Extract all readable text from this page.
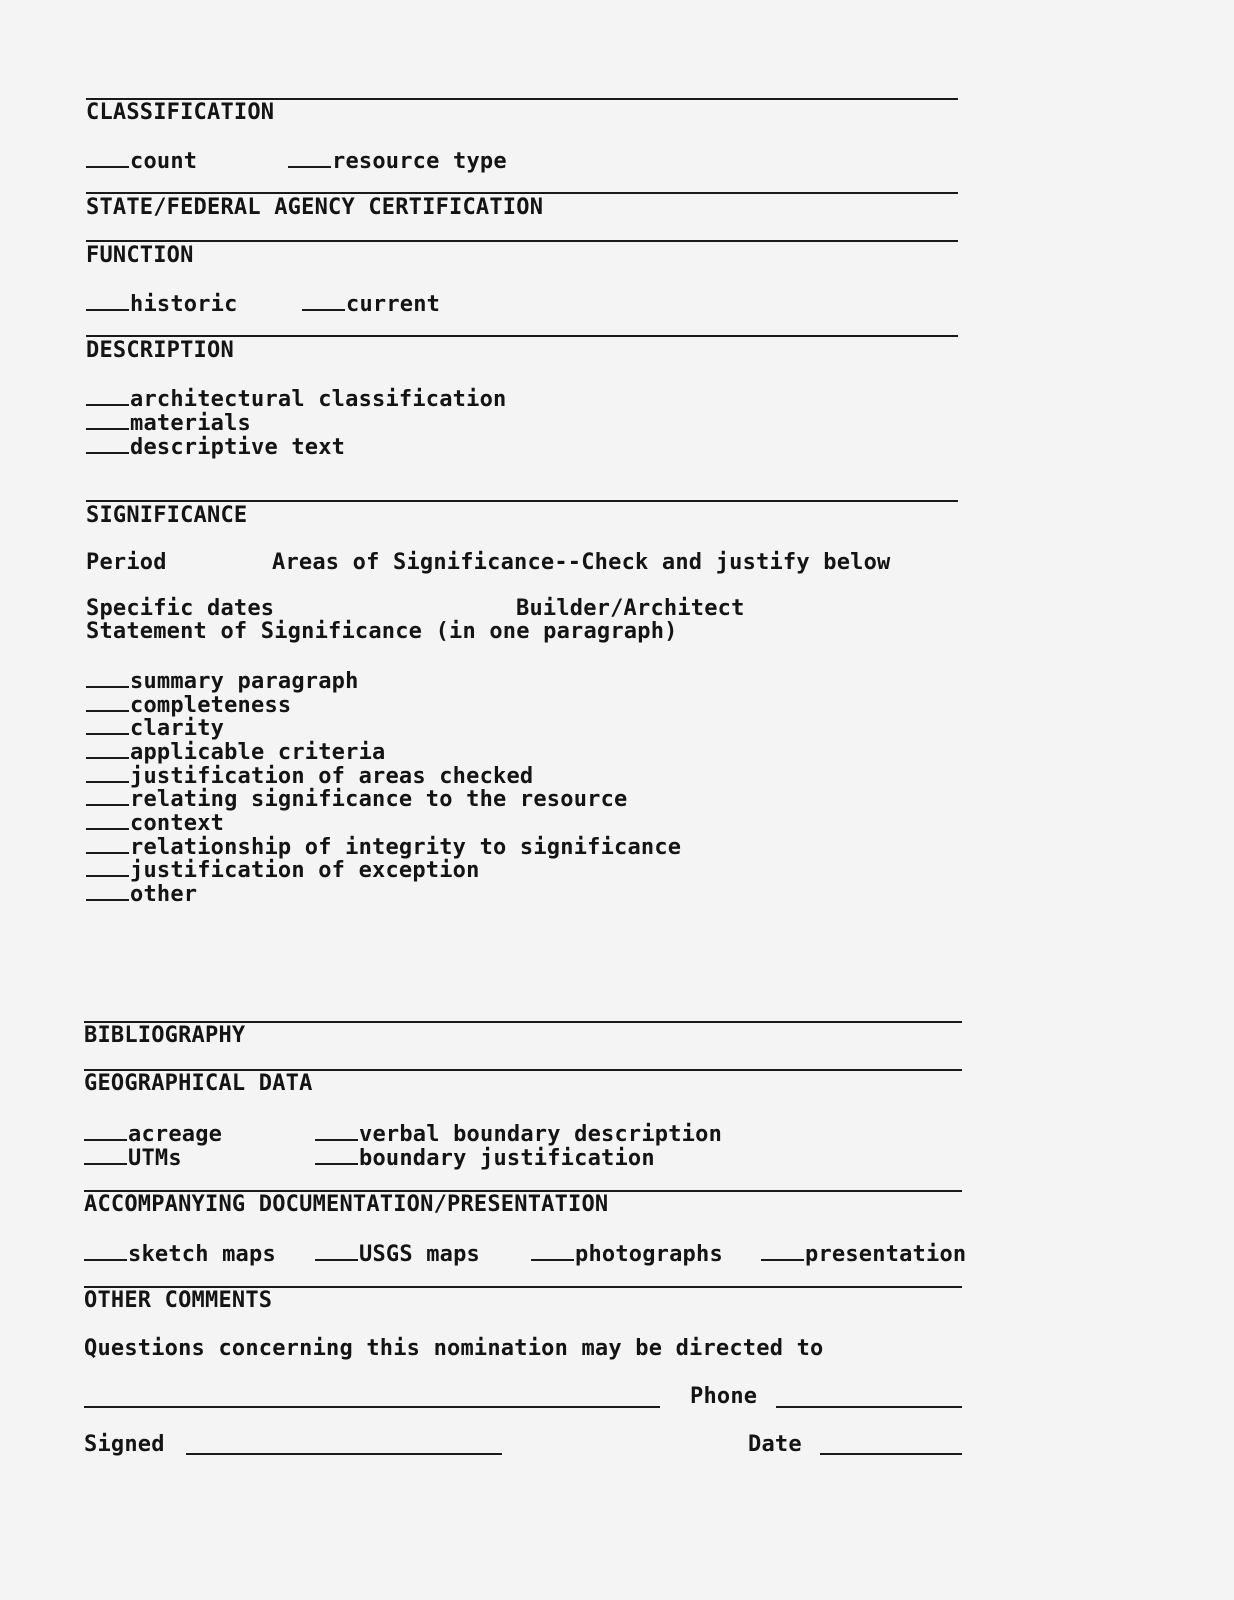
CLASSIFICATION
count	resource type
STATE/FEDERAL AGENCY CERTIFICATION
FUNCTION
historic	current
DESCRIPTION
architectural classification
materials
descriptive text
SIGNIFICANCE
Period	Areas of Significance--Check and justify below
Specific dates	Builder/Architect
Statement of Significance (in one paragraph)
summary paragraph
completeness
clarity
applicable criteria
justification of areas checked
relating significance to the resource
context
relationship of integrity to significance
justification of exception
other
BIBLIOGRAPHY
GEOGRAPHICAL DATA
acreage	verbal boundary description
UTMs	boundary justification
ACCOMPANYING DOCUMENTATION/PRESENTATION
sketch maps	USGS maps	photographs	presentation
OTHER COMMENTS
Questions concerning this nomination may be directed to
Phone
Signed	Date
